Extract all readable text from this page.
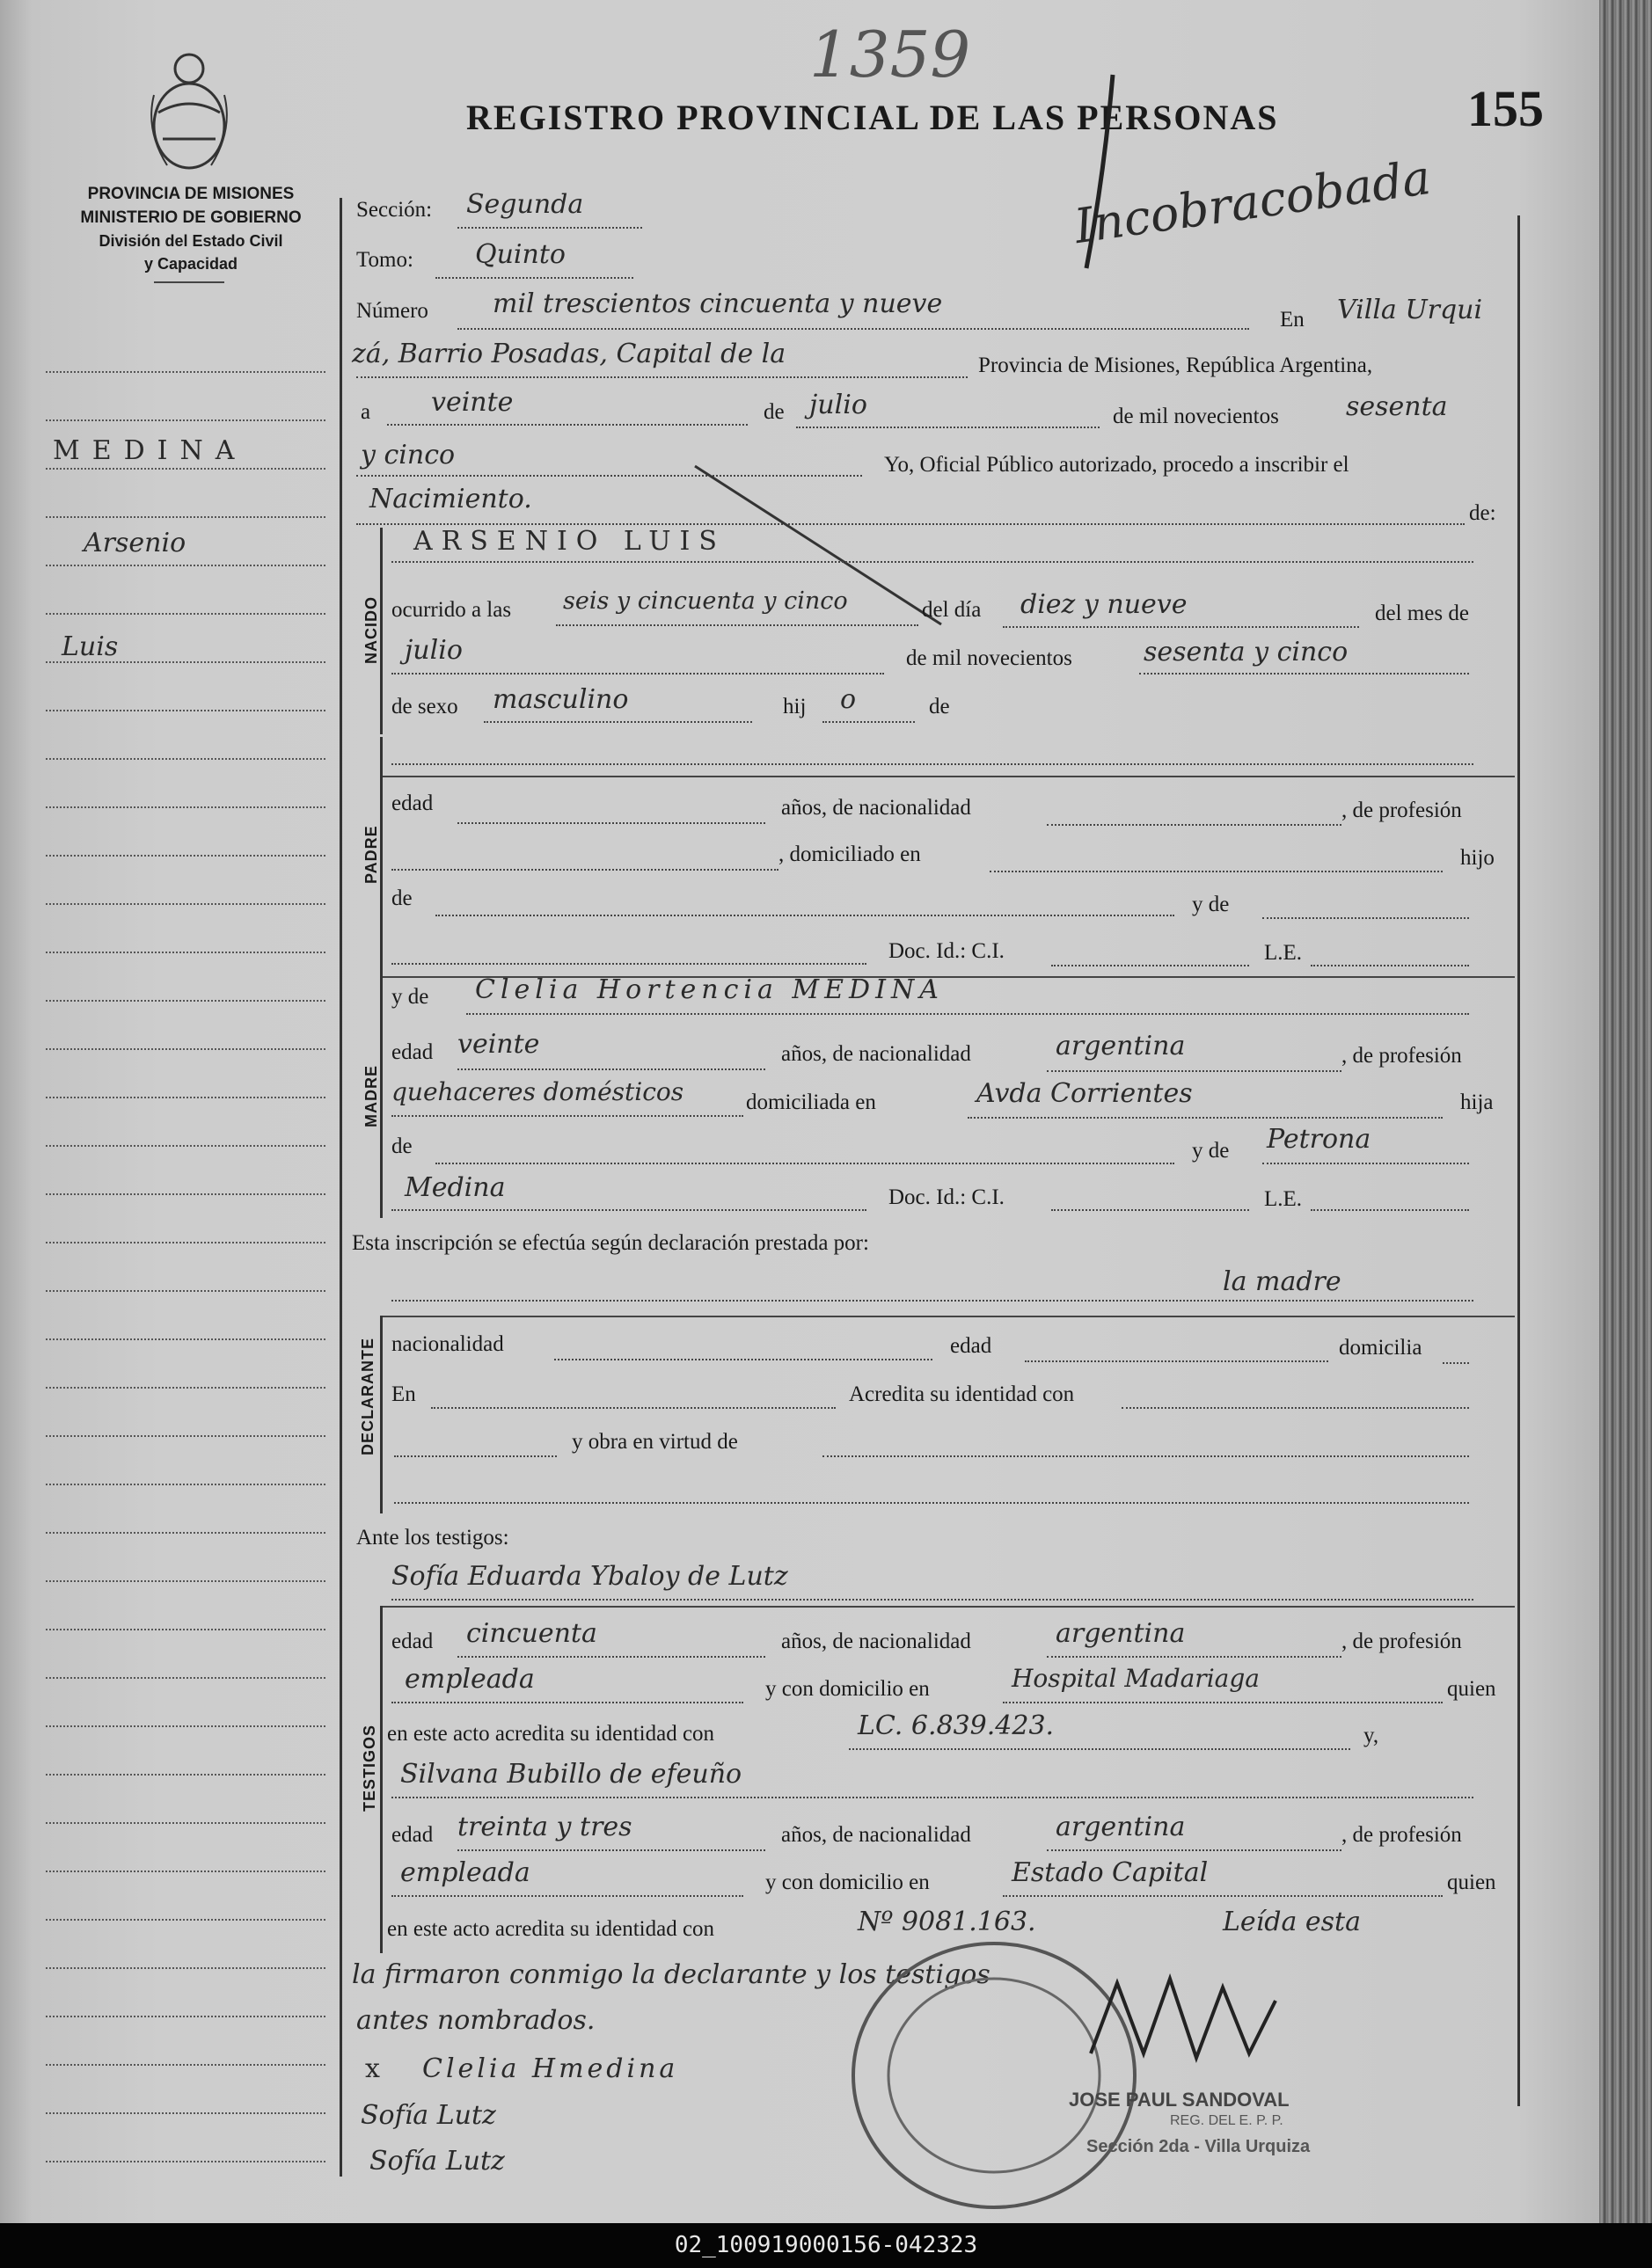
PROVINCIA DE MISIONES
MINISTERIO DE GOBIERNO
División del Estado Civil
y Capacidad
REGISTRO PROVINCIAL DE LAS PERSONAS	155
1359
Incobracobada
MEDINA
Arsenio
Luis
Sección: Segunda
Tomo: Quinto
Número mil trescientos cincuenta y nueve
En Villa Urqui
zá, Barrio Posadas, Capital de la	Provincia de Misiones, República Argentina,
a veinte	de julio	de mil novecientos	sesenta
y cinco	Yo, Oficial Público autorizado, procedo a inscribir el
Nacimiento.	de:
NACIDO
ARSENIO LUIS
ocurrido a las seis y cincuenta y cinco	del día diez y nueve	del mes de
julio	de mil novecientos	sesenta y cinco
de sexo masculino	hij o	de
PADRE
edad	años, de nacionalidad	, de profesión
, domiciliado en	hijo
de	y de
Doc. Id.: C.I.	L.E.
MADRE
y de Clelia Hortencia MEDINA
edad veinte	años, de nacionalidad	argentina	, de profesión
quehaceres domésticos	domiciliada en	Avda Corrientes	hija
de	y de Petrona
Medina	Doc. Id.: C.I.	L.E.
Esta inscripción se efectúa según declaración prestada por:
la madre
DECLARANTE nacionalidad	edad	domicilia
En	Acredita su identidad con
y obra en virtud de
Ante los testigos:
Sofía Eduarda Ybaloy de Lutz
TESTIGOS
edad cincuenta	años, de nacionalidad	argentina	, de profesión
empleada	y con domicilio en	Hospital Madariaga	quien
en este acto acredita su identidad con	LC. 6.839.423.	y,
Silvana Bubillo de efeuño
edad treinta y tres	años, de nacionalidad	argentina	, de profesión
empleada	y con domicilio en	Estado Capital	quien
en este acto acredita su identidad con	Nº 9081.163.	Leída esta
la firmaron conmigo la declarante y los testigos
antes nombrados.
JOSE PAUL SANDOVAL
REG. DEL E. P. P.
Sección 2da - Villa Urquiza
x Clelia Hmedina
Sofía Lutz
Sofía Lutz
02_100919000156-042323
